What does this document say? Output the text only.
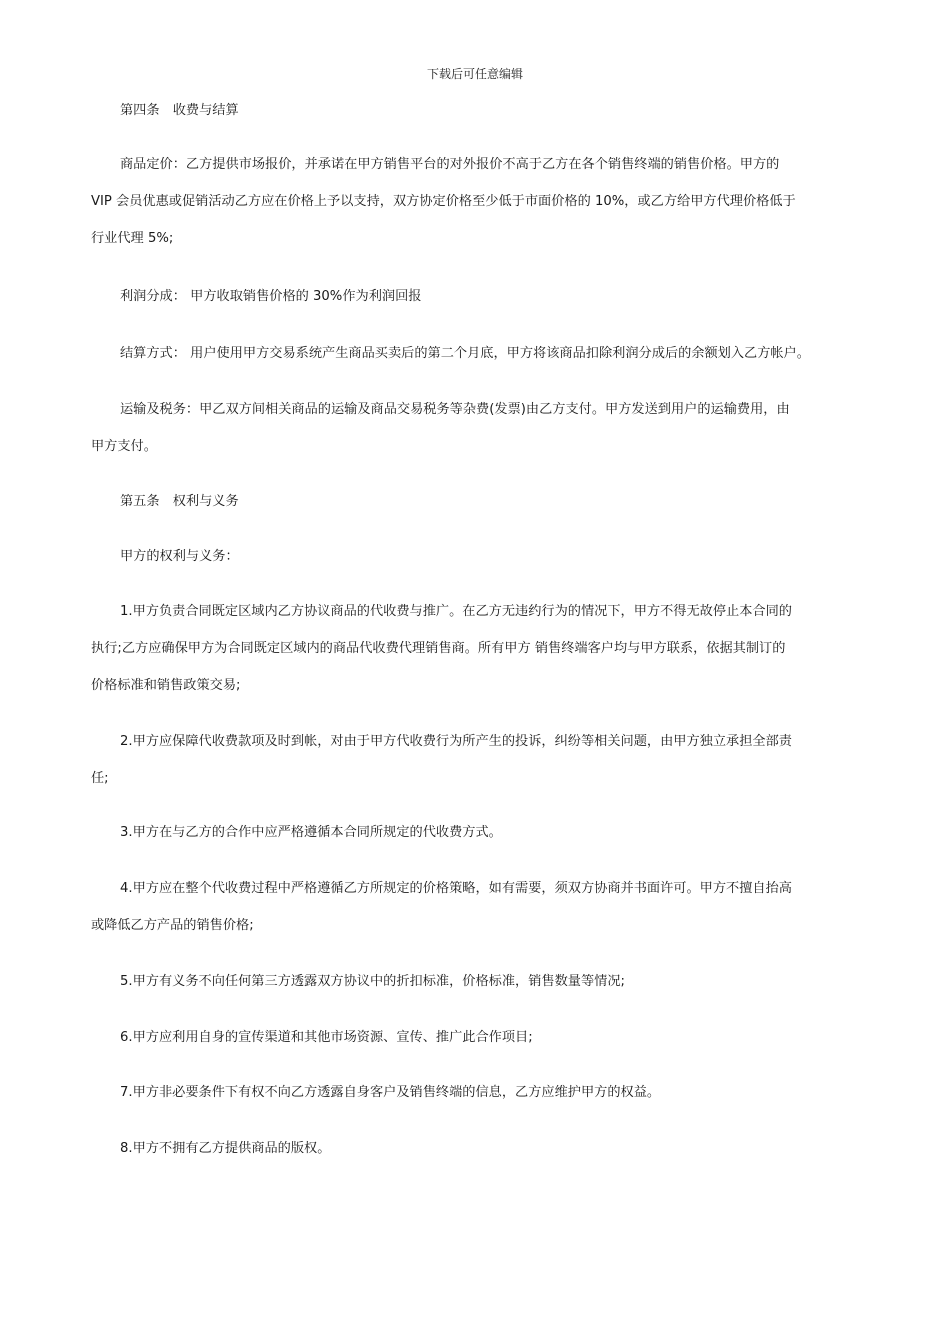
下载后可任意编辑
第四条　收费与结算
商品定价：乙方提供市场报价，并承诺在甲方销售平台的对外报价不高于乙方在各个销售终端的销售价格。甲方的
VIP 会员优惠或促销活动乙方应在价格上予以支持，双方协定价格至少低于市面价格的 10%，或乙方给甲方代理价格低于
行业代理 5%;
利润分成： 甲方收取销售价格的 30%作为利润回报
结算方式： 用户使用甲方交易系统产生商品买卖后的第二个月底，甲方将该商品扣除利润分成后的余额划入乙方帐户。
运输及税务：甲乙双方间相关商品的运输及商品交易税务等杂费(发票)由乙方支付。甲方发送到用户的运输费用，由
甲方支付。
第五条　权利与义务
甲方的权利与义务：
1.甲方负责合同既定区域内乙方协议商品的代收费与推广。在乙方无违约行为的情况下，甲方不得无故停止本合同的
执行;乙方应确保甲方为合同既定区域内的商品代收费代理销售商。所有甲方 销售终端客户均与甲方联系，依据其制订的
价格标准和销售政策交易;
2.甲方应保障代收费款项及时到帐，对由于甲方代收费行为所产生的投诉，纠纷等相关问题，由甲方独立承担全部责
任;
3.甲方在与乙方的合作中应严格遵循本合同所规定的代收费方式。
4.甲方应在整个代收费过程中严格遵循乙方所规定的价格策略，如有需要，须双方协商并书面许可。甲方不擅自抬高
或降低乙方产品的销售价格;
5.甲方有义务不向任何第三方透露双方协议中的折扣标准，价格标准，销售数量等情况;
6.甲方应利用自身的宣传渠道和其他市场资源、宣传、推广此合作项目;
7.甲方非必要条件下有权不向乙方透露自身客户及销售终端的信息，乙方应维护甲方的权益。
8.甲方不拥有乙方提供商品的版权。
